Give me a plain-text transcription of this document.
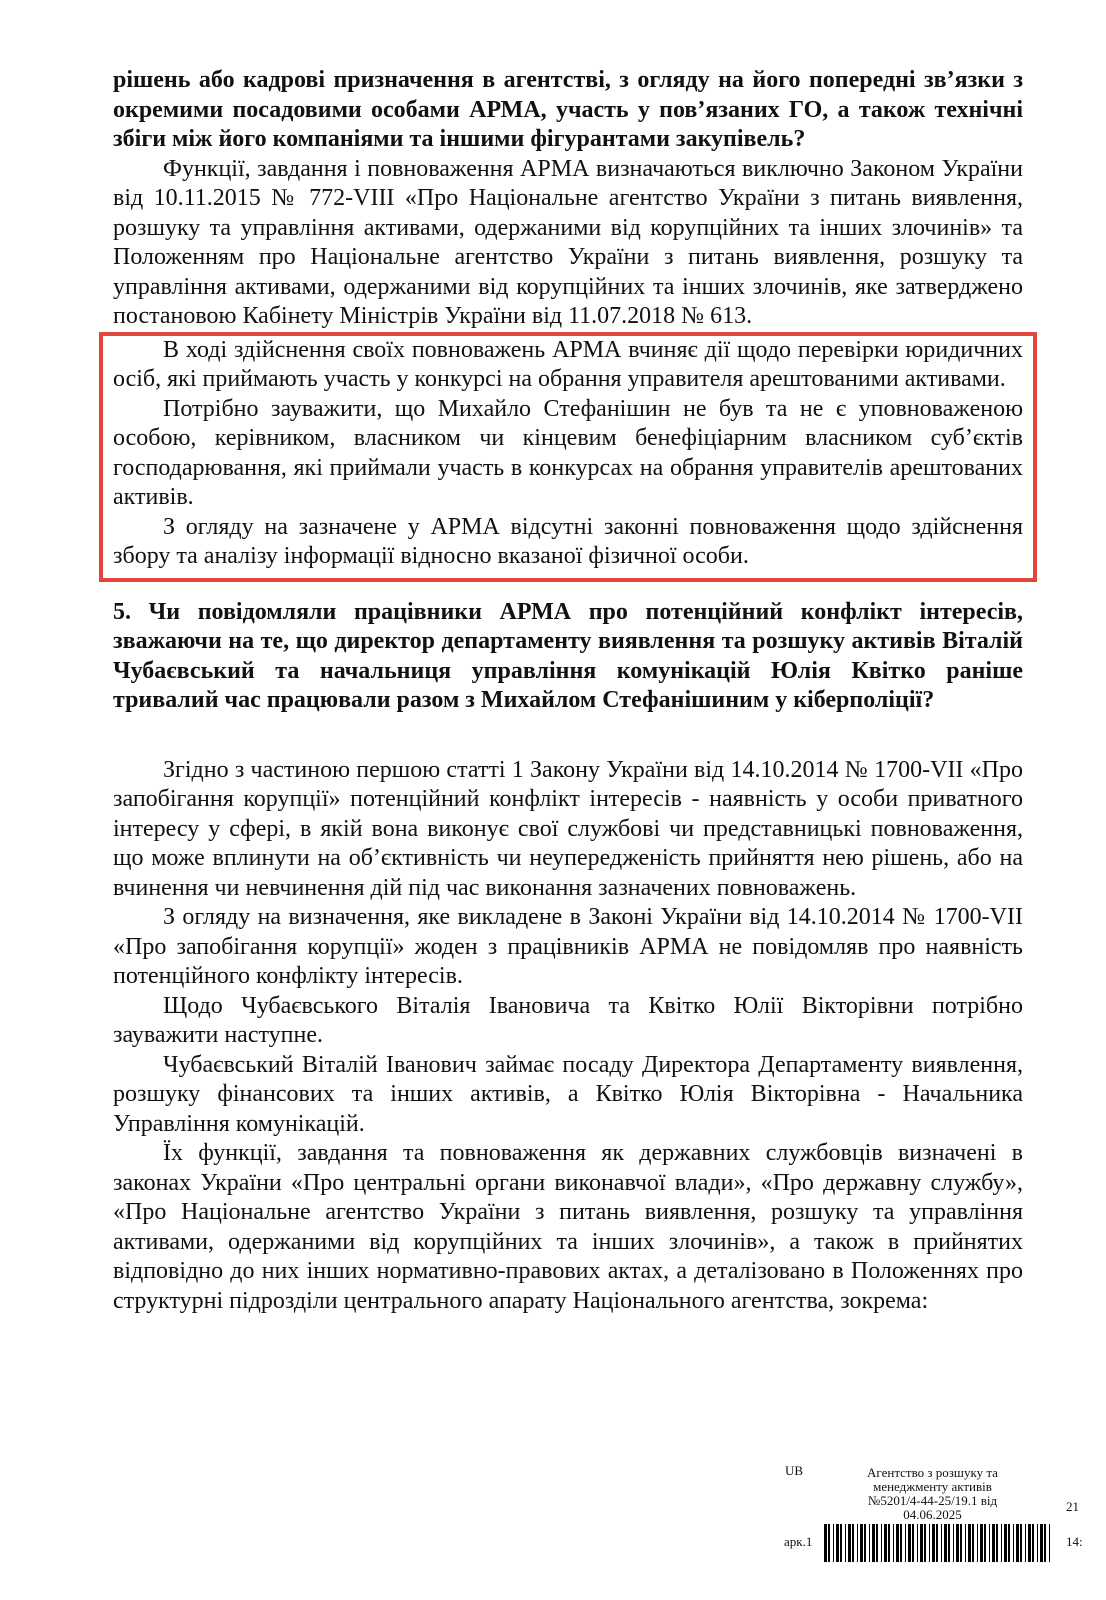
рішень або кадрові призначення в агентстві, з огляду на його попередні зв’язки з окремими посадовими особами АРМА, участь у пов’язаних ГО, а також технічні збіги між його компаніями та іншими фігурантами закупівель?

Функції, завдання і повноваження АРМА визначаються виключно Законом України від 10.11.2015 № 772-VIII «Про Національне агентство України з питань виявлення, розшуку та управління активами, одержаними від корупційних та інших злочинів» та Положенням про Національне агентство України з питань виявлення, розшуку та управління активами, одержаними від корупційних та інших злочинів, яке затверджено постановою Кабінету Міністрів України від 11.07.2018 № 613.

В ході здійснення своїх повноважень АРМА вчиняє дії щодо перевірки юридичних осіб, які приймають участь у конкурсі на обрання управителя арештованими активами.

Потрібно зауважити, що Михайло Стефанішин не був та не є уповноваженою особою, керівником, власником чи кінцевим бенефіціарним власником суб’єктів господарювання, які приймали участь в конкурсах на обрання управителів арештованих активів.

З огляду на зазначене у АРМА відсутні законні повноваження щодо здійснення збору та аналізу інформації відносно вказаної фізичної особи.

5. Чи повідомляли працівники АРМА про потенційний конфлікт інтересів, зважаючи на те, що директор департаменту виявлення та розшуку активів Віталій Чубаєвський та начальниця управління комунікацій Юлія Квітко раніше тривалий час працювали разом з Михайлом Стефанішиним у кіберполіції?

Згідно з частиною першою статті 1 Закону України від 14.10.2014 № 1700-VII «Про запобігання корупції» потенційний конфлікт інтересів - наявність у особи приватного інтересу у сфері, в якій вона виконує свої службові чи представницькі повноваження, що може вплинути на об’єктивність чи неупередженість прийняття нею рішень, або на вчинення чи невчинення дій під час виконання зазначених повноважень.

З огляду на визначення, яке викладене в Законі України від 14.10.2014 № 1700-VII «Про запобігання корупції» жоден з працівників АРМА не повідомляв про наявність потенційного конфлікту інтересів.

Щодо Чубаєвського Віталія Івановича та Квітко Юлії Вікторівни потрібно зауважити наступне.

Чубаєвський Віталій Іванович займає посаду Директора Департаменту виявлення, розшуку фінансових та інших активів, а Квітко Юлія Вікторівна - Начальника Управління комунікацій.

Їх функції, завдання та повноваження як державних службовців визначені в законах України «Про центральні органи виконавчої влади», «Про державну службу», «Про Національне агентство України з питань виявлення, розшуку та управління активами, одержаними від корупційних та інших злочинів», а також в прийнятих відповідно до них інших нормативно-правових актах, а деталізовано в Положеннях про структурні підрозділи центрального апарату Національного агентства, зокрема:

UB	Агентство з розшуку та
менеджменту активів
№5201/4-44-25/19.1 від
04.06.2025
21
арк.1	14:
